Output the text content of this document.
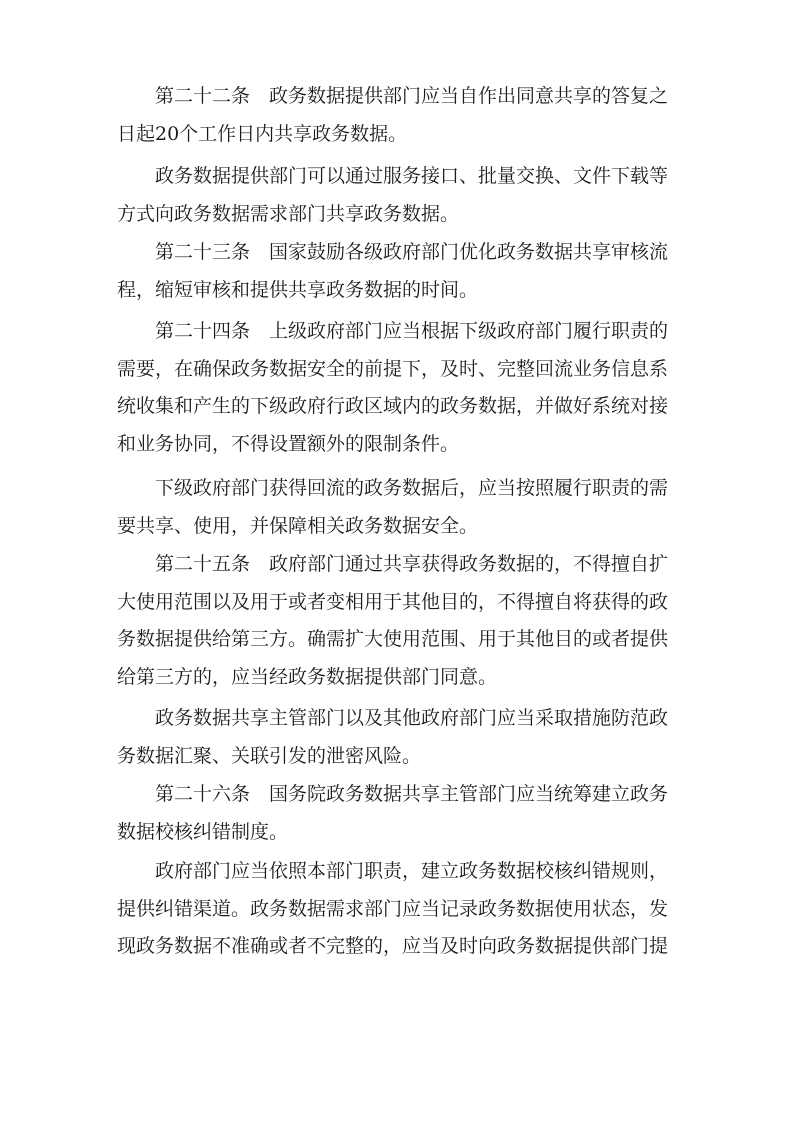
第二十二条　政务数据提供部门应当自作出同意共享的答复之
日起20个工作日内共享政务数据。

政务数据提供部门可以通过服务接口、批量交换、文件下载等
方式向政务数据需求部门共享政务数据。

第二十三条　国家鼓励各级政府部门优化政务数据共享审核流
程，缩短审核和提供共享政务数据的时间。

第二十四条　上级政府部门应当根据下级政府部门履行职责的
需要，在确保政务数据安全的前提下，及时、完整回流业务信息系
统收集和产生的下级政府行政区域内的政务数据，并做好系统对接
和业务协同，不得设置额外的限制条件。

下级政府部门获得回流的政务数据后，应当按照履行职责的需
要共享、使用，并保障相关政务数据安全。

第二十五条　政府部门通过共享获得政务数据的，不得擅自扩
大使用范围以及用于或者变相用于其他目的，不得擅自将获得的政
务数据提供给第三方。确需扩大使用范围、用于其他目的或者提供
给第三方的，应当经政务数据提供部门同意。

政务数据共享主管部门以及其他政府部门应当采取措施防范政
务数据汇聚、关联引发的泄密风险。

第二十六条　国务院政务数据共享主管部门应当统筹建立政务
数据校核纠错制度。

政府部门应当依照本部门职责，建立政务数据校核纠错规则，
提供纠错渠道。政务数据需求部门应当记录政务数据使用状态，发
现政务数据不准确或者不完整的，应当及时向政务数据提供部门提
